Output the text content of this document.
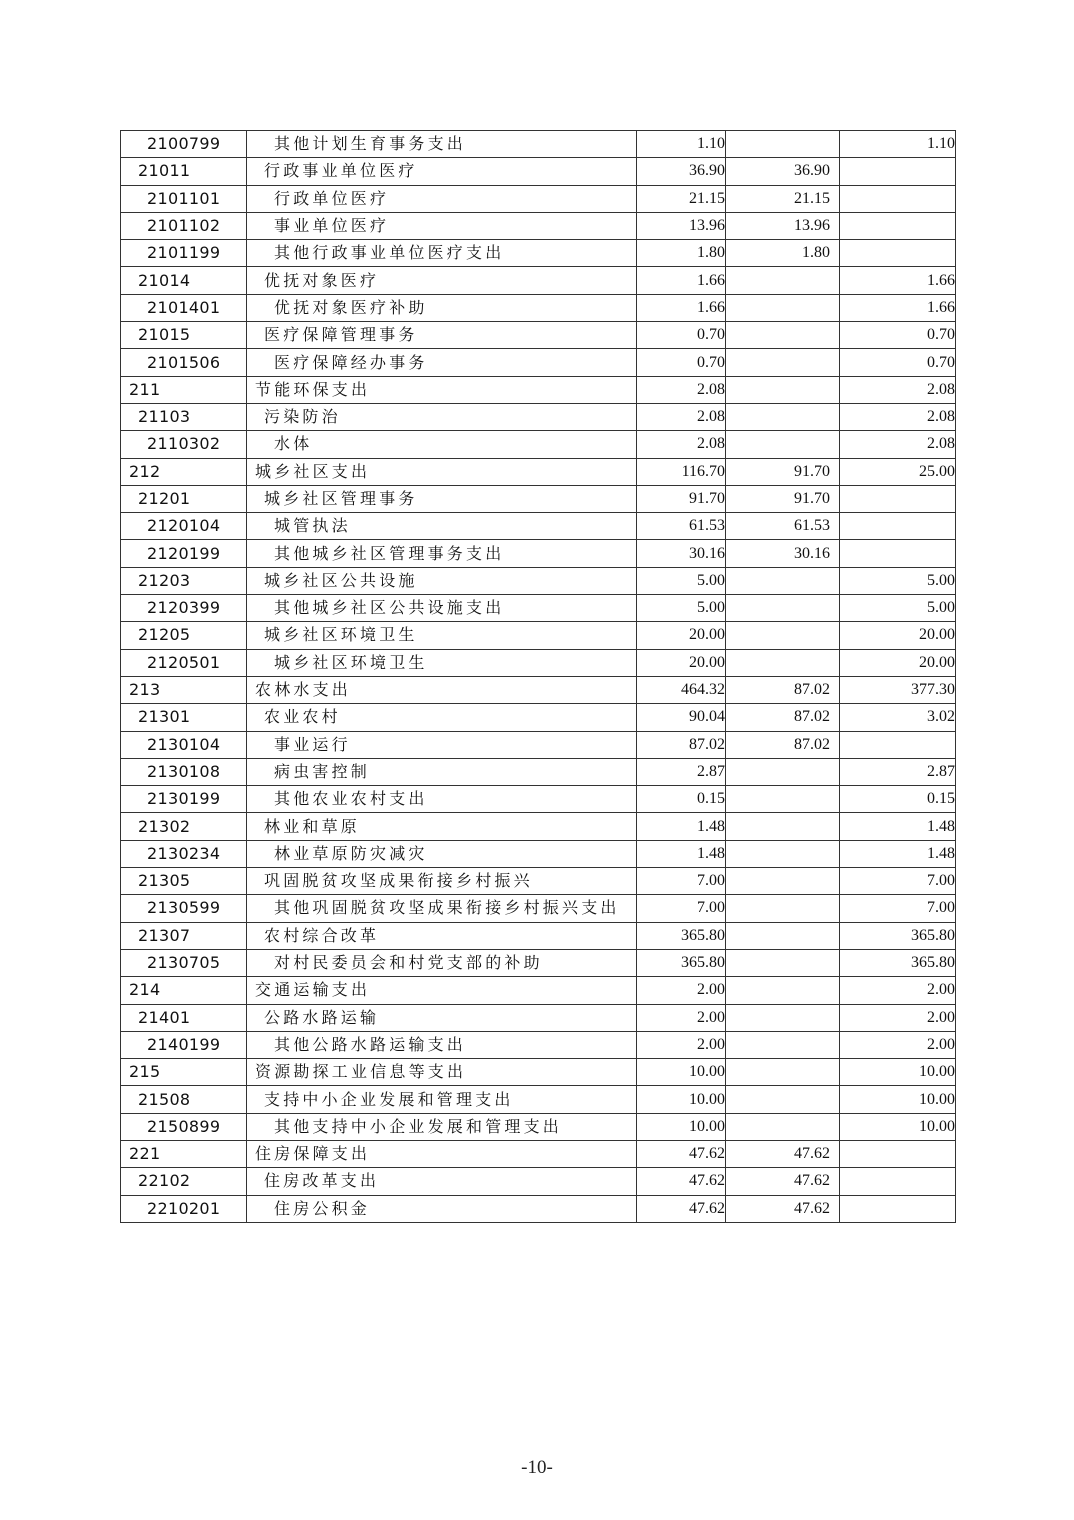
2100799	其他计划生育事务支出	1.10		1.10
21011	行政事业单位医疗	36.90	36.90	
2101101	行政单位医疗	21.15	21.15	
2101102	事业单位医疗	13.96	13.96	
2101199	其他行政事业单位医疗支出	1.80	1.80	
21014	优抚对象医疗	1.66		1.66
2101401	优抚对象医疗补助	1.66		1.66
21015	医疗保障管理事务	0.70		0.70
2101506	医疗保障经办事务	0.70		0.70
211	节能环保支出	2.08		2.08
21103	污染防治	2.08		2.08
2110302	水体	2.08		2.08
212	城乡社区支出	116.70	91.70	25.00
21201	城乡社区管理事务	91.70	91.70	
2120104	城管执法	61.53	61.53	
2120199	其他城乡社区管理事务支出	30.16	30.16	
21203	城乡社区公共设施	5.00		5.00
2120399	其他城乡社区公共设施支出	5.00		5.00
21205	城乡社区环境卫生	20.00		20.00
2120501	城乡社区环境卫生	20.00		20.00
213	农林水支出	464.32	87.02	377.30
21301	农业农村	90.04	87.02	3.02
2130104	事业运行	87.02	87.02	
2130108	病虫害控制	2.87		2.87
2130199	其他农业农村支出	0.15		0.15
21302	林业和草原	1.48		1.48
2130234	林业草原防灾减灾	1.48		1.48
21305	巩固脱贫攻坚成果衔接乡村振兴	7.00		7.00
2130599	其他巩固脱贫攻坚成果衔接乡村振兴支出	7.00		7.00
21307	农村综合改革	365.80		365.80
2130705	对村民委员会和村党支部的补助	365.80		365.80
214	交通运输支出	2.00		2.00
21401	公路水路运输	2.00		2.00
2140199	其他公路水路运输支出	2.00		2.00
215	资源勘探工业信息等支出	10.00		10.00
21508	支持中小企业发展和管理支出	10.00		10.00
2150899	其他支持中小企业发展和管理支出	10.00		10.00
221	住房保障支出	47.62	47.62	
22102	住房改革支出	47.62	47.62	
2210201	住房公积金	47.62	47.62	
-10-
